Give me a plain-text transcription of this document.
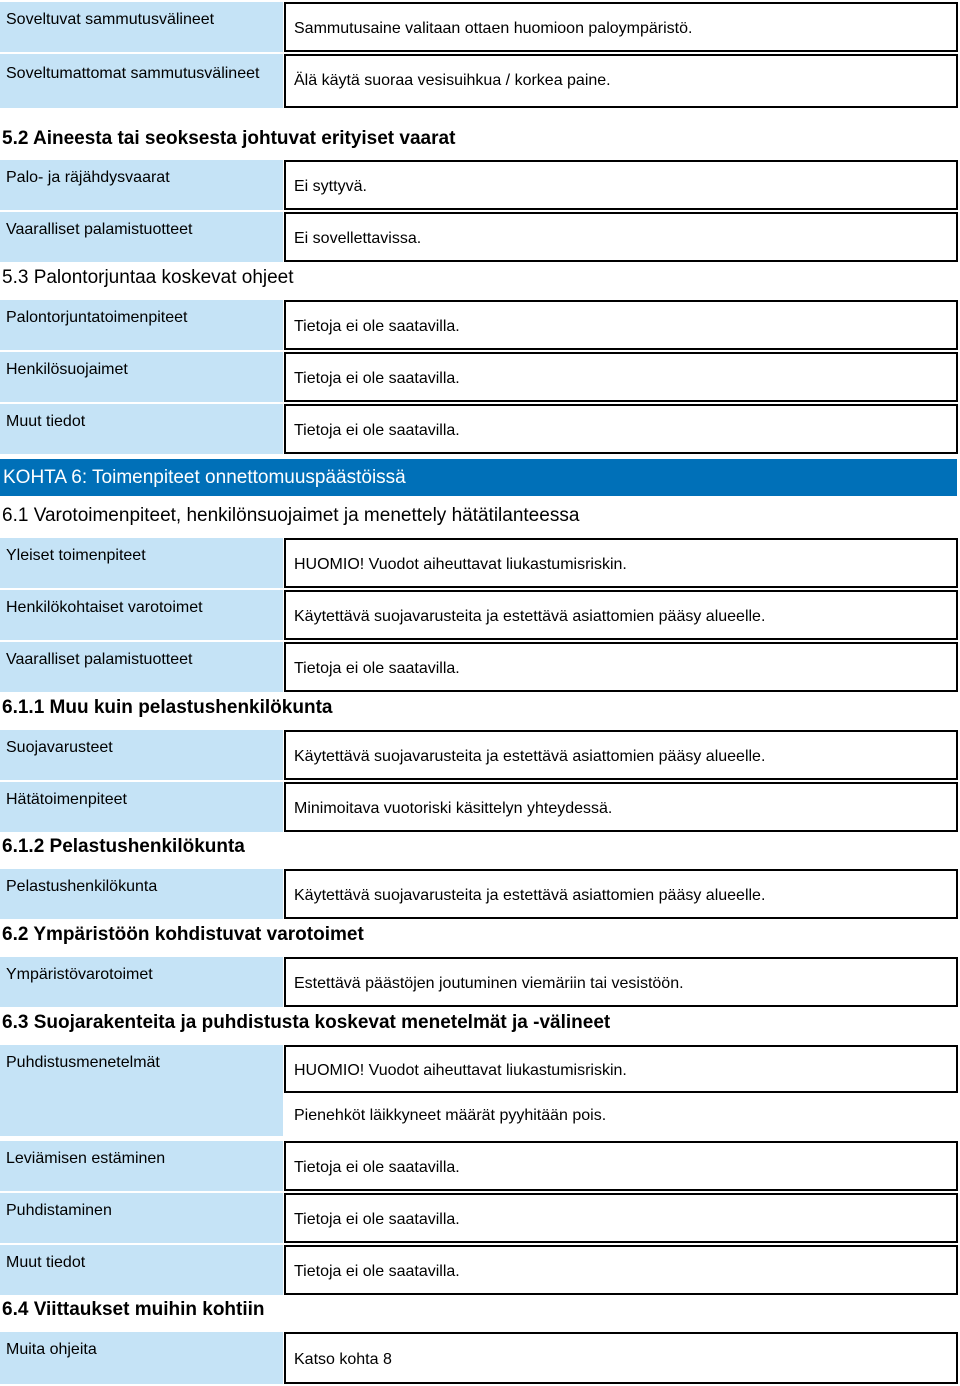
Soveltuvat sammutusvälineet
Sammutusaine valitaan ottaen huomioon paloympäristö.
Soveltumattomat sammutusvälineet	Älä käytä suoraa vesisuihkua / korkea paine.
5.2 Aineesta tai seoksesta johtuvat erityiset vaarat
Palo- ja räjähdysvaarat
Ei syttyvä.
Vaaralliset palamistuotteet
Ei sovellettavissa.
5.3 Palontorjuntaa koskevat ohjeet
Palontorjuntatoimenpiteet
Tietoja ei ole saatavilla.
Henkilösuojaimet
Tietoja ei ole saatavilla.
Muut tiedot
Tietoja ei ole saatavilla.
KOHTA 6: Toimenpiteet onnettomuuspäästöissä
6.1 Varotoimenpiteet, henkilönsuojaimet ja menettely hätätilanteessa
Yleiset toimenpiteet
HUOMIO! Vuodot aiheuttavat liukastumisriskin.
Henkilökohtaiset varotoimet
Käytettävä suojavarusteita ja estettävä asiattomien pääsy alueelle.
Vaaralliset palamistuotteet
Tietoja ei ole saatavilla.
6.1.1 Muu kuin pelastushenkilökunta
Suojavarusteet
Käytettävä suojavarusteita ja estettävä asiattomien pääsy alueelle.
Hätätoimenpiteet
Minimoitava vuotoriski käsittelyn yhteydessä.
6.1.2 Pelastushenkilökunta
Pelastushenkilökunta
Käytettävä suojavarusteita ja estettävä asiattomien pääsy alueelle.
6.2 Ympäristöön kohdistuvat varotoimet
Ympäristövarotoimet
Estettävä päästöjen joutuminen viemäriin tai vesistöön.
6.3 Suojarakenteita ja puhdistusta koskevat menetelmät ja -välineet
Puhdistusmenetelmät	HUOMIO! Vuodot aiheuttavat liukastumisriskin.
Pienehköt läikkyneet määrät pyyhitään pois.
Leviämisen estäminen
Tietoja ei ole saatavilla.
Puhdistaminen
Tietoja ei ole saatavilla.
Muut tiedot
Tietoja ei ole saatavilla.
6.4 Viittaukset muihin kohtiin
Muita ohjeita
Katso kohta 8
